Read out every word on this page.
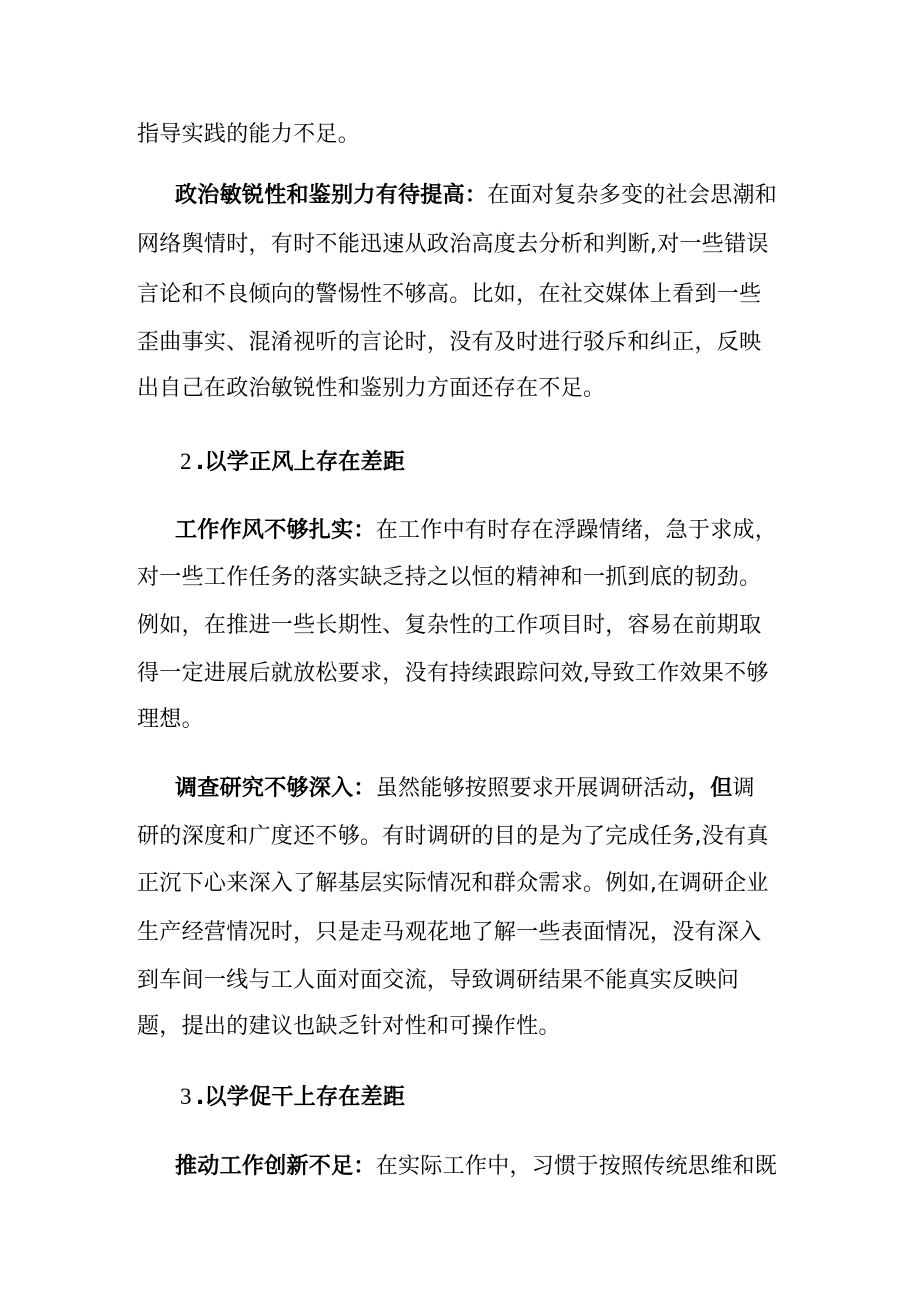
指导实践的能力不足。
政治敏锐性和鉴别力有待提高：在面对复杂多变的社会思潮和
网络舆情时，有时不能迅速从政治高度去分析和判断,对一些错误
言论和不良倾向的警惕性不够高。比如，在社交媒体上看到一些
歪曲事实、混淆视听的言论时，没有及时进行驳斥和纠正，反映
出自己在政治敏锐性和鉴别力方面还存在不足。
2 .以学正风上存在差距
工作作风不够扎实：在工作中有时存在浮躁情绪，急于求成，
对一些工作任务的落实缺乏持之以恒的精神和一抓到底的韧劲。
例如，在推进一些长期性、复杂性的工作项目时，容易在前期取
得一定进展后就放松要求，没有持续跟踪问效,导致工作效果不够
理想。
调查研究不够深入：虽然能够按照要求开展调研活动，但调
研的深度和广度还不够。有时调研的目的是为了完成任务,没有真
正沉下心来深入了解基层实际情况和群众需求。例如,在调研企业
生产经营情况时，只是走马观花地了解一些表面情况，没有深入
到车间一线与工人面对面交流，导致调研结果不能真实反映问
题，提出的建议也缺乏针对性和可操作性。
3 .以学促干上存在差距
推动工作创新不足：在实际工作中，习惯于按照传统思维和既
